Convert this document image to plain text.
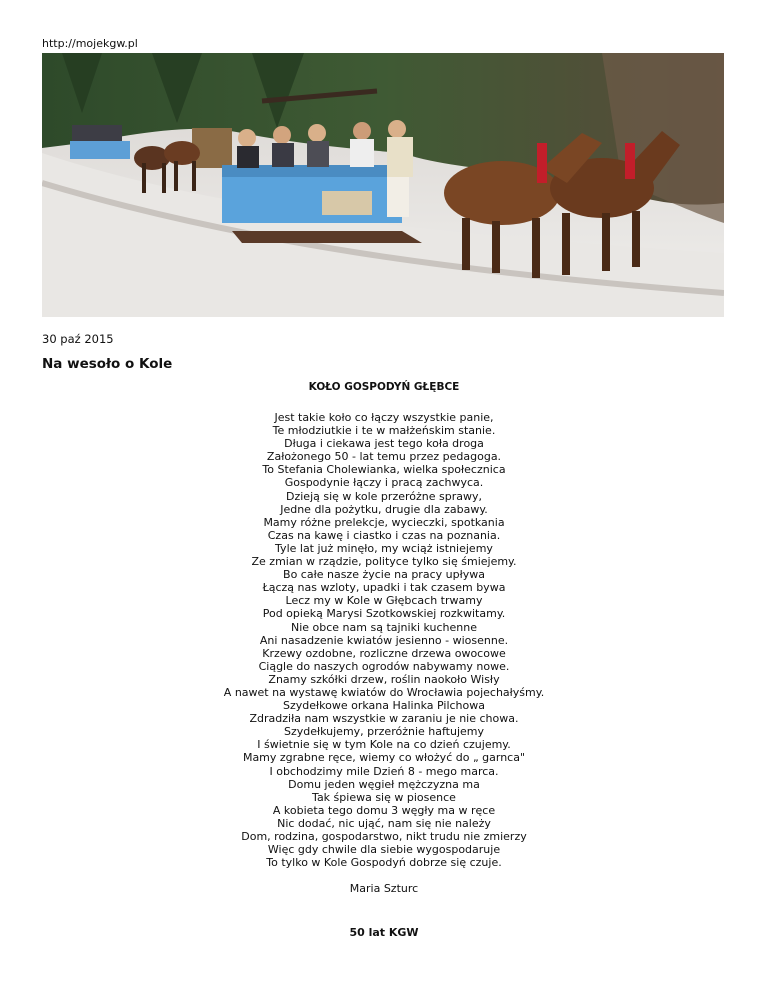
http://mojekgw.pl
30 paź 2015
Na wesoło o Kole
KOŁO GOSPODYŃ GŁĘBCE
Jest takie koło co łączy wszystkie panie,
Te młodziutkie i te w małżeńskim stanie.
Długa i ciekawa jest tego koła droga
Założonego 50 - lat temu przez pedagoga.
To Stefania Cholewianka, wielka społecznica
Gospodynie łączy i pracą zachwyca.
Dzieją się w kole przeróżne sprawy,
Jedne dla pożytku, drugie dla zabawy.
Mamy różne prelekcje, wycieczki, spotkania
Czas na kawę i ciastko i czas na poznania.
Tyle lat już minęło, my wciąż istniejemy
Ze zmian w rządzie, polityce tylko się śmiejemy.
Bo całe nasze życie na pracy upływa
Łączą nas wzloty, upadki i tak czasem bywa
Lecz my w Kole w Głębcach trwamy
Pod opieką Marysi Szotkowskiej rozkwitamy.
Nie obce nam są tajniki kuchenne
Ani nasadzenie kwiatów jesienno - wiosenne.
Krzewy ozdobne, rozliczne drzewa owocowe
Ciągle do naszych ogrodów nabywamy nowe.
Znamy szkółki drzew, roślin naokoło Wisły
A nawet na wystawę kwiatów do Wrocławia pojechałyśmy.
Szydełkowe orkana Halinka Pilchowa
Zdradziła nam wszystkie w zaraniu je nie chowa.
Szydełkujemy, przeróżnie haftujemy
I świetnie się w tym Kole na co dzień czujemy.
Mamy zgrabne ręce, wiemy co włożyć do „ garnca"
I obchodzimy mile Dzień 8 - mego marca.
Domu jeden węgieł mężczyzna ma
Tak śpiewa się w piosence
A kobieta tego domu 3 węgły ma w ręce
Nic dodać, nic ująć, nam się nie należy
Dom, rodzina, gospodarstwo, nikt trudu nie zmierzy
Więc gdy chwile dla siebie wygospodaruje
To tylko w Kole Gospodyń dobrze się czuje.
Maria Szturc
50 lat KGW
